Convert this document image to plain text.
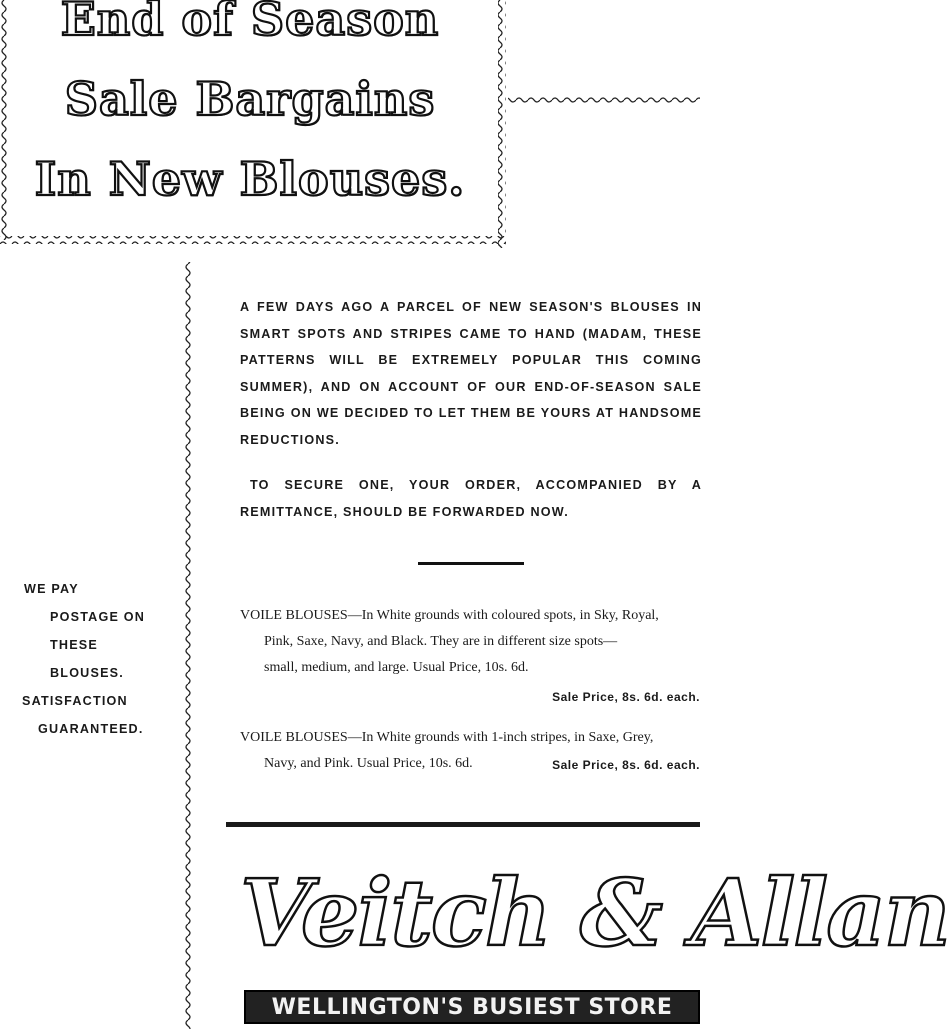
End of Season
Sale Bargains
In New Blouses.
A FEW DAYS AGO A PARCEL OF NEW SEASON'S BLOUSES IN SMART SPOTS AND STRIPES CAME TO HAND (MADAM, THESE PATTERNS WILL BE EXTREMELY POPULAR THIS COMING SUMMER), AND ON ACCOUNT OF OUR END-OF-SEASON SALE BEING ON WE DECIDED TO LET THEM BE YOURS AT HANDSOME REDUCTIONS.
TO SECURE ONE, YOUR ORDER, ACCOMPANIED BY A REMITTANCE, SHOULD BE FORWARDED NOW.
WE PAY
POSTAGE ON
THESE
BLOUSES.
SATISFACTION
GUARANTEED.
VOILE BLOUSES—In White grounds with coloured spots, in Sky, Royal,
Pink, Saxe, Navy, and Black. They are in different size spots—
small, medium, and large. Usual Price, 10s. 6d.
Sale Price, 8s. 6d. each.
VOILE BLOUSES—In White grounds with 1-inch stripes, in Saxe, Grey,
Navy, and Pink. Usual Price, 10s. 6d.	Sale Price, 8s. 6d. each.
Veitch & Allan
WELLINGTON'S BUSIEST STORE
